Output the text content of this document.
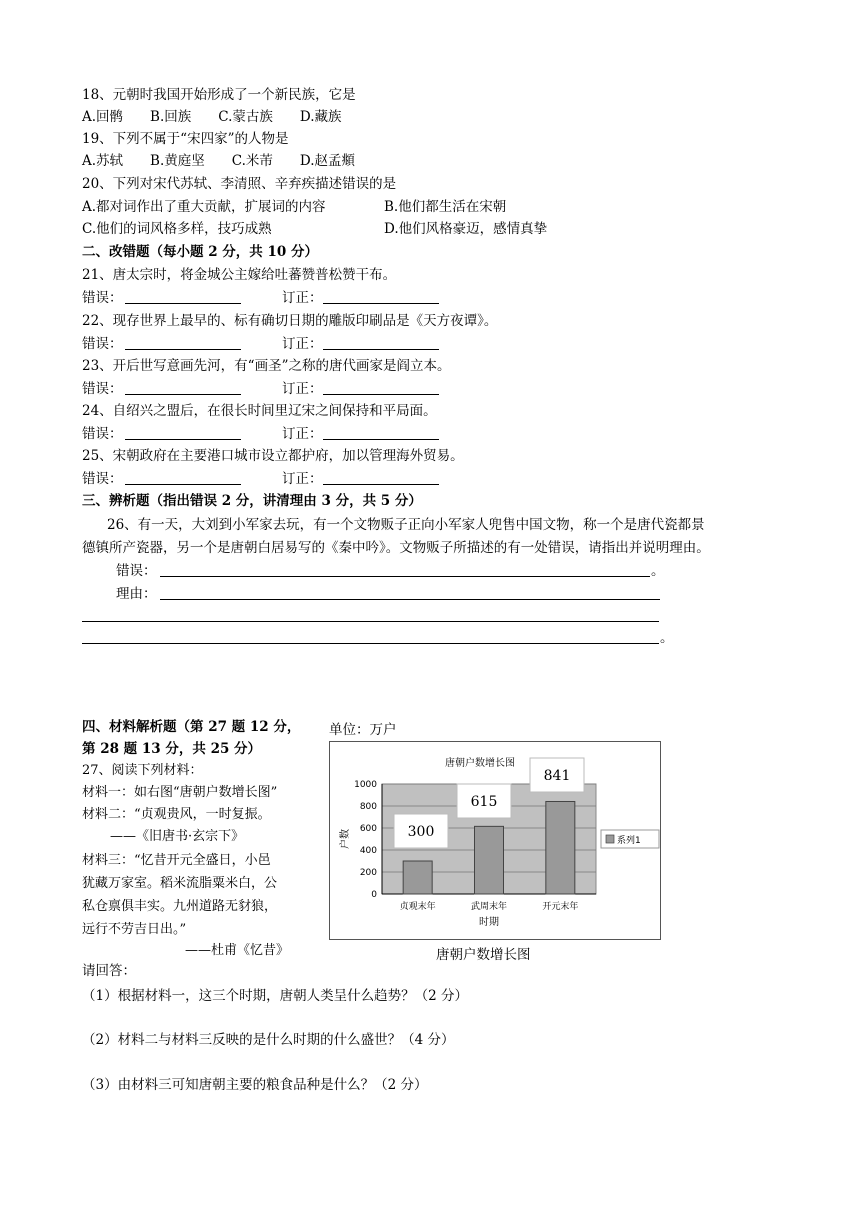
18、元朝时我国开始形成了一个新民族，它是
A.回鹘　　B.回族　　C.蒙古族　　D.藏族
19、下列不属于“宋四家”的人物是
A.苏轼　　B.黄庭坚　　C.米芾　　D.赵孟頫
20、下列对宋代苏轼、李清照、辛弃疾描述错误的是
A.都对词作出了重大贡献，扩展词的内容	B.他们都生活在宋朝
C.他们的词风格多样，技巧成熟	D.他们风格豪迈，感情真挚
二、改错题（每小题 2 分，共 10 分）
21、唐太宗时，将金城公主嫁给吐蕃赞普松赞干布。
错误：	订正：
22、现存世界上最早的、标有确切日期的雕版印刷品是《天方夜谭》。
错误：	订正：
23、开后世写意画先河，有“画圣”之称的唐代画家是阎立本。
错误：	订正：
24、自绍兴之盟后，在很长时间里辽宋之间保持和平局面。
错误：	订正：
25、宋朝政府在主要港口城市设立都护府，加以管理海外贸易。
错误：	订正：
三、辨析题（指出错误 2 分，讲清理由 3 分，共 5 分）
26、有一天，大刘到小军家去玩，有一个文物贩子正向小军家人兜售中国文物，称一个是唐代瓷都景
德镇所产瓷器，另一个是唐朝白居易写的《秦中吟》。文物贩子所描述的有一处错误，请指出并说明理由。
错误：	。
理由：
。
四、材料解析题（第 27 题 12 分，
第 28 题 13 分，共 25 分）
27、阅读下列材料：
材料一：如右图“唐朝户数增长图”
材料二：“贞观贵风，一时复振。
——《旧唐书·玄宗下》
材料三：“忆昔开元全盛日，小邑
犹藏万家室。稻米流脂粟米白，公
私仓禀俱丰实。九州道路无豺狼，
远行不劳吉日出。”
——杜甫《忆昔》
请回答：
单位：万户
唐朝户数增长图
0
200
400
600
800
1000
户数
贞观末年	武周末年	开元末年
300
615
841
时期
系列1
唐朝户数增长图
（1）根据材料一，这三个时期，唐朝人类呈什么趋势？（2 分）
（2）材料二与材料三反映的是什么时期的什么盛世？（4 分）
（3）由材料三可知唐朝主要的粮食品种是什么？（2 分）
